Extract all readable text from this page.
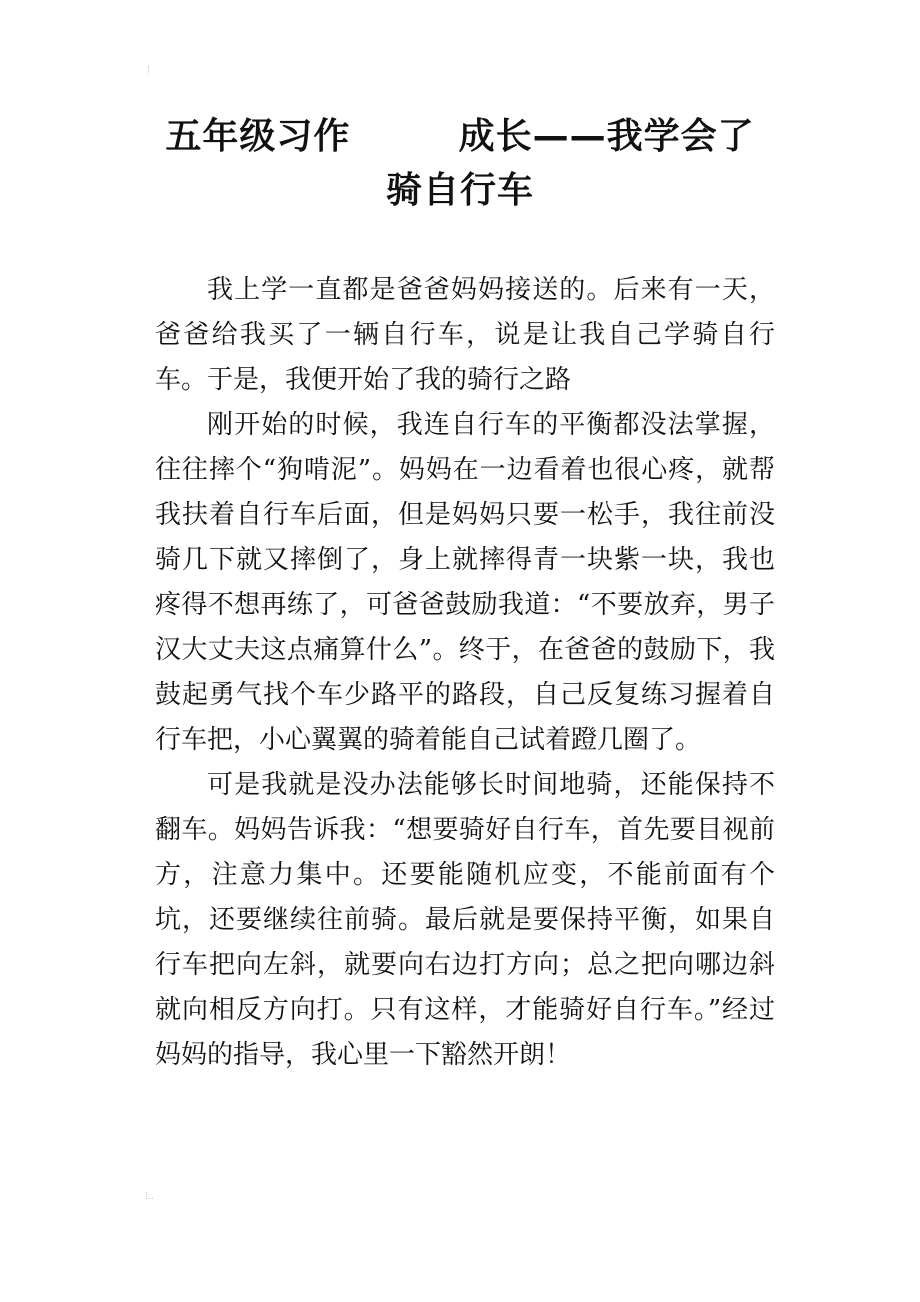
五年级习作        成长——我学会了
骑自行车

我上学一直都是爸爸妈妈接送的。后来有一天，爸爸给我买了一辆自行车，说是让我自己学骑自行车。于是，我便开始了我的骑行之路

刚开始的时候，我连自行车的平衡都没法掌握，往往摔个“狗啃泥”。妈妈在一边看着也很心疼，就帮我扶着自行车后面，但是妈妈只要一松手，我往前没骑几下就又摔倒了，身上就摔得青一块紫一块，我也疼得不想再练了，可爸爸鼓励我道：“不要放弃，男子汉大丈夫这点痛算什么”。终于，在爸爸的鼓励下，我鼓起勇气找个车少路平的路段，自己反复练习握着自行车把，小心翼翼的骑着能自己试着蹬几圈了。

可是我就是没办法能够长时间地骑，还能保持不翻车。妈妈告诉我：“想要骑好自行车，首先要目视前方，注意力集中。还要能随机应变，不能前面有个坑，还要继续往前骑。最后就是要保持平衡，如果自行车把向左斜，就要向右边打方向；总之把向哪边斜就向相反方向打。只有这样，才能骑好自行车。”经过妈妈的指导，我心里一下豁然开朗！
